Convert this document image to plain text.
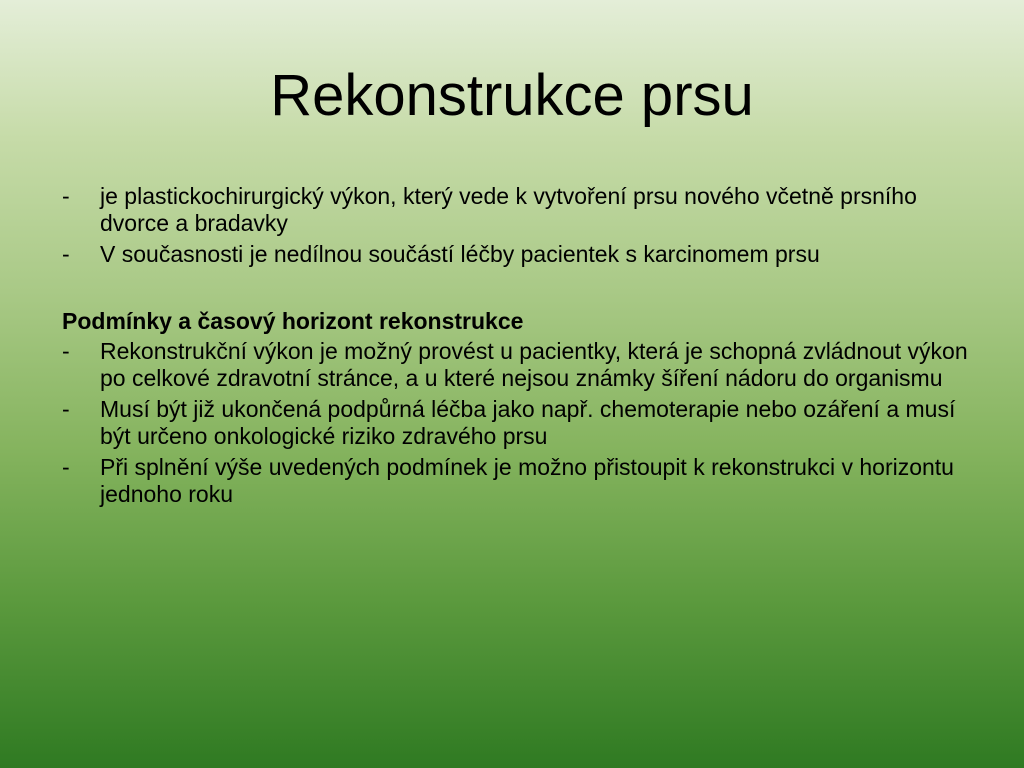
Rekonstrukce prsu
-	je plastickochirurgický výkon, který vede k vytvoření prsu nového včetně prsního dvorce a bradavky
-	V současnosti je nedílnou součástí léčby pacientek s karcinomem prsu

Podmínky a časový horizont rekonstrukce

-	Rekonstrukční výkon je možný provést u pacientky, která je schopná zvládnout výkon po celkové zdravotní stránce, a u které nejsou známky šíření nádoru do organismu
-	Musí být již ukončená podpůrná léčba jako např. chemoterapie nebo ozáření a musí být určeno onkologické riziko zdravého prsu
-	Při splnění výše uvedených podmínek je možno přistoupit k rekonstrukci v horizontu jednoho roku
